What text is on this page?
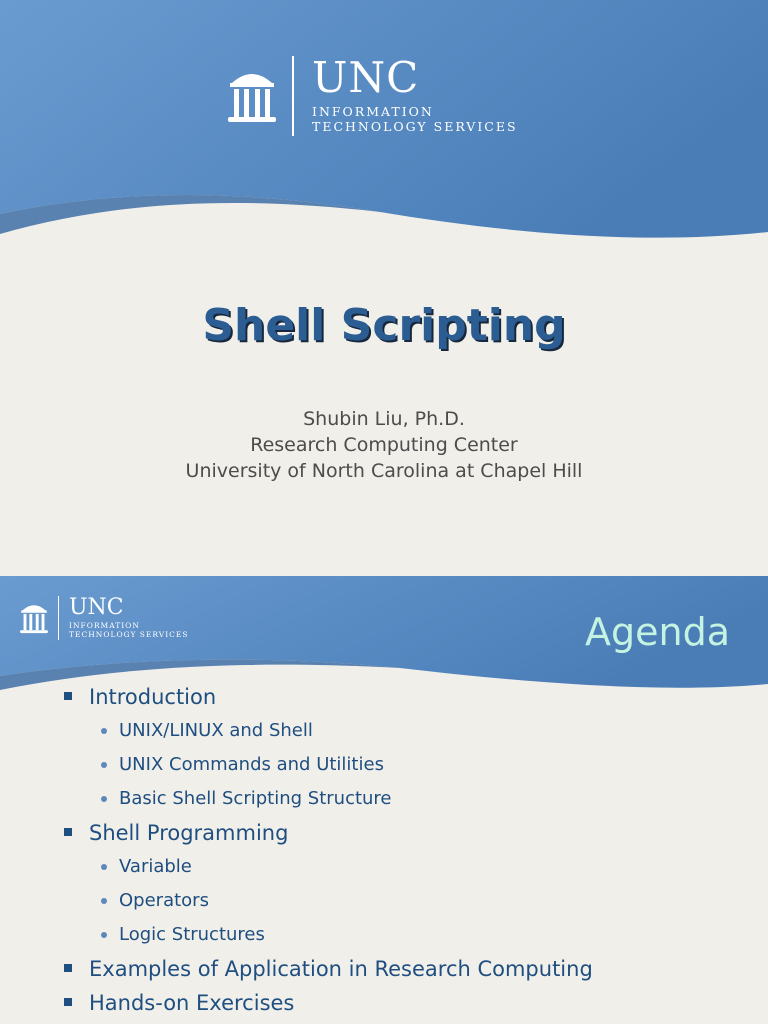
UNC
INFORMATION
TECHNOLOGY SERVICES
Shell Scripting
Shubin Liu, Ph.D.
Research Computing Center
University of North Carolina at Chapel Hill
UNC
INFORMATION
TECHNOLOGY SERVICES	Agenda
Introduction
UNIX/LINUX and Shell
UNIX Commands and Utilities
Basic Shell Scripting Structure
Shell Programming
Variable
Operators
Logic Structures
Examples of Application in Research Computing
Hands-on Exercises
